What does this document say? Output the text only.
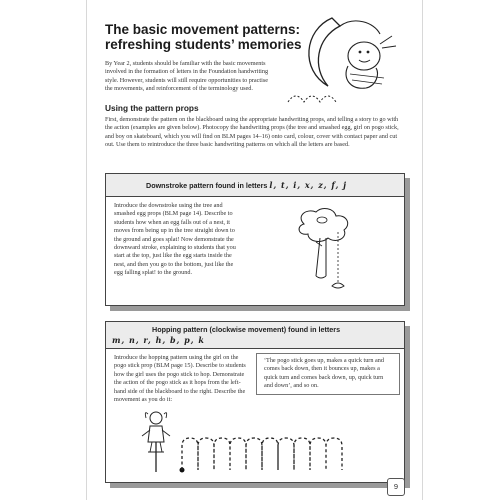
The basic movement patterns:
refreshing students’ memories
By Year 2, students should be familiar with the basic movements involved in the formation of letters in the Foundation handwriting style. However, students will still require opportunities to practise the movements, and reinforcement of the terminology used.
Using the pattern props
First, demonstrate the pattern on the blackboard using the appropriate handwriting props, and telling a story to go with the action (examples are given below). Photocopy the handwriting props (the tree and smashed egg, girl on pogo stick, and boy on skateboard, which you will find on BLM pages 14–16) onto card, colour, cover with contact paper and cut out. Use them to reintroduce the three basic handwriting patterns on which all the letters are based.
Downstroke pattern found in letters l, t, i, x, z, f, j
Introduce the downstroke using the tree and smashed egg props (BLM page 14). Describe to students how when an egg falls out of a nest, it moves from being up in the tree straight down to the ground and goes splat! Now demonstrate the downward stroke, explaining to students that you start at the top, just like the egg starts inside the nest, and then you go to the bottom, just like the egg falling splat! to the ground.
Hopping pattern (clockwise movement) found in letters
m, n, r, h, b, p, k
Introduce the hopping pattern using the girl on the pogo stick prop (BLM page 15). Describe to students how the girl uses the pogo stick to hop. Demonstrate the action of the pogo stick as it hops from the left-hand side of the blackboard to the right. Describe the movement as you do it:
‘The pogo stick goes up, makes a quick turn and comes back down, then it bounces up, makes a quick turn and comes back down, up, quick turn and down’, and so on.
9
